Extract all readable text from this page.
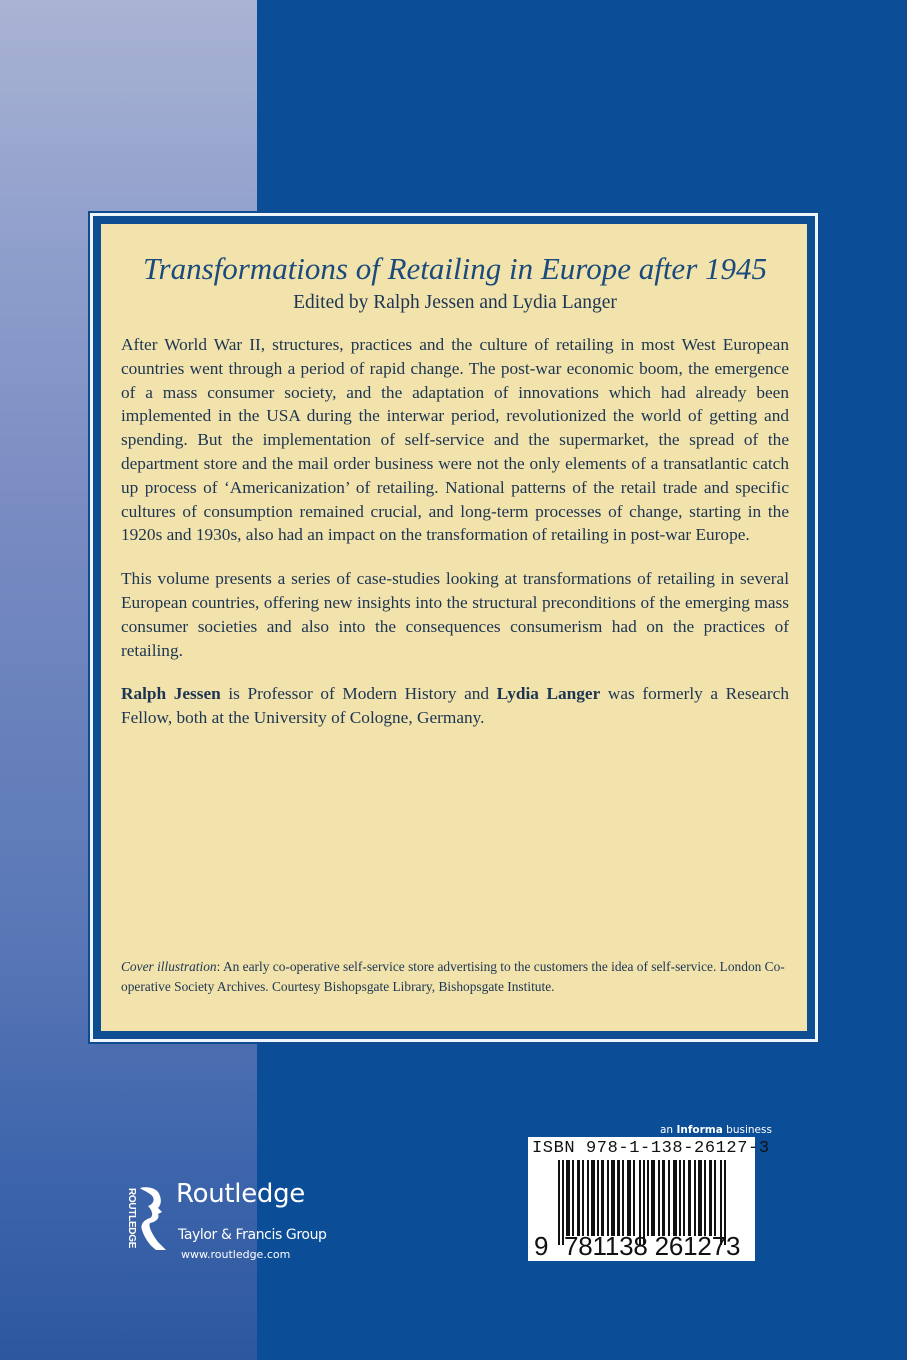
Transformations of Retailing in Europe after 1945
Edited by Ralph Jessen and Lydia Langer

After World War II, structures, practices and the culture of retailing in most West European countries went through a period of rapid change. The post-war economic boom, the emergence of a mass consumer society, and the adaptation of innovations which had already been implemented in the USA during the interwar period, revolutionized the world of getting and spending. But the implementation of self-service and the supermarket, the spread of the department store and the mail order business were not the only elements of a transatlantic catch up process of ‘Americanization’ of retailing. National patterns of the retail trade and specific cultures of consumption remained crucial, and long-term processes of change, starting in the 1920s and 1930s, also had an impact on the transformation of retailing in post-war Europe.

This volume presents a series of case-studies looking at transformations of retailing in several European countries, offering new insights into the structural preconditions of the emerging mass consumer societies and also into the consequences consumerism had on the practices of retailing.

Ralph Jessen is Professor of Modern History and Lydia Langer was formerly a Research Fellow, both at the University of Cologne, Germany.

Cover illustration: An early co-operative self-service store advertising to the customers the idea of self-service. London Co-operative Society Archives. Courtesy Bishopsgate Library, Bishopsgate Institute.
an Informa business
ISBN 978-1-138-26127-3
9 781138 261273
ROUTLEDGE Routledge
Taylor & Francis Group
www.routledge.com
